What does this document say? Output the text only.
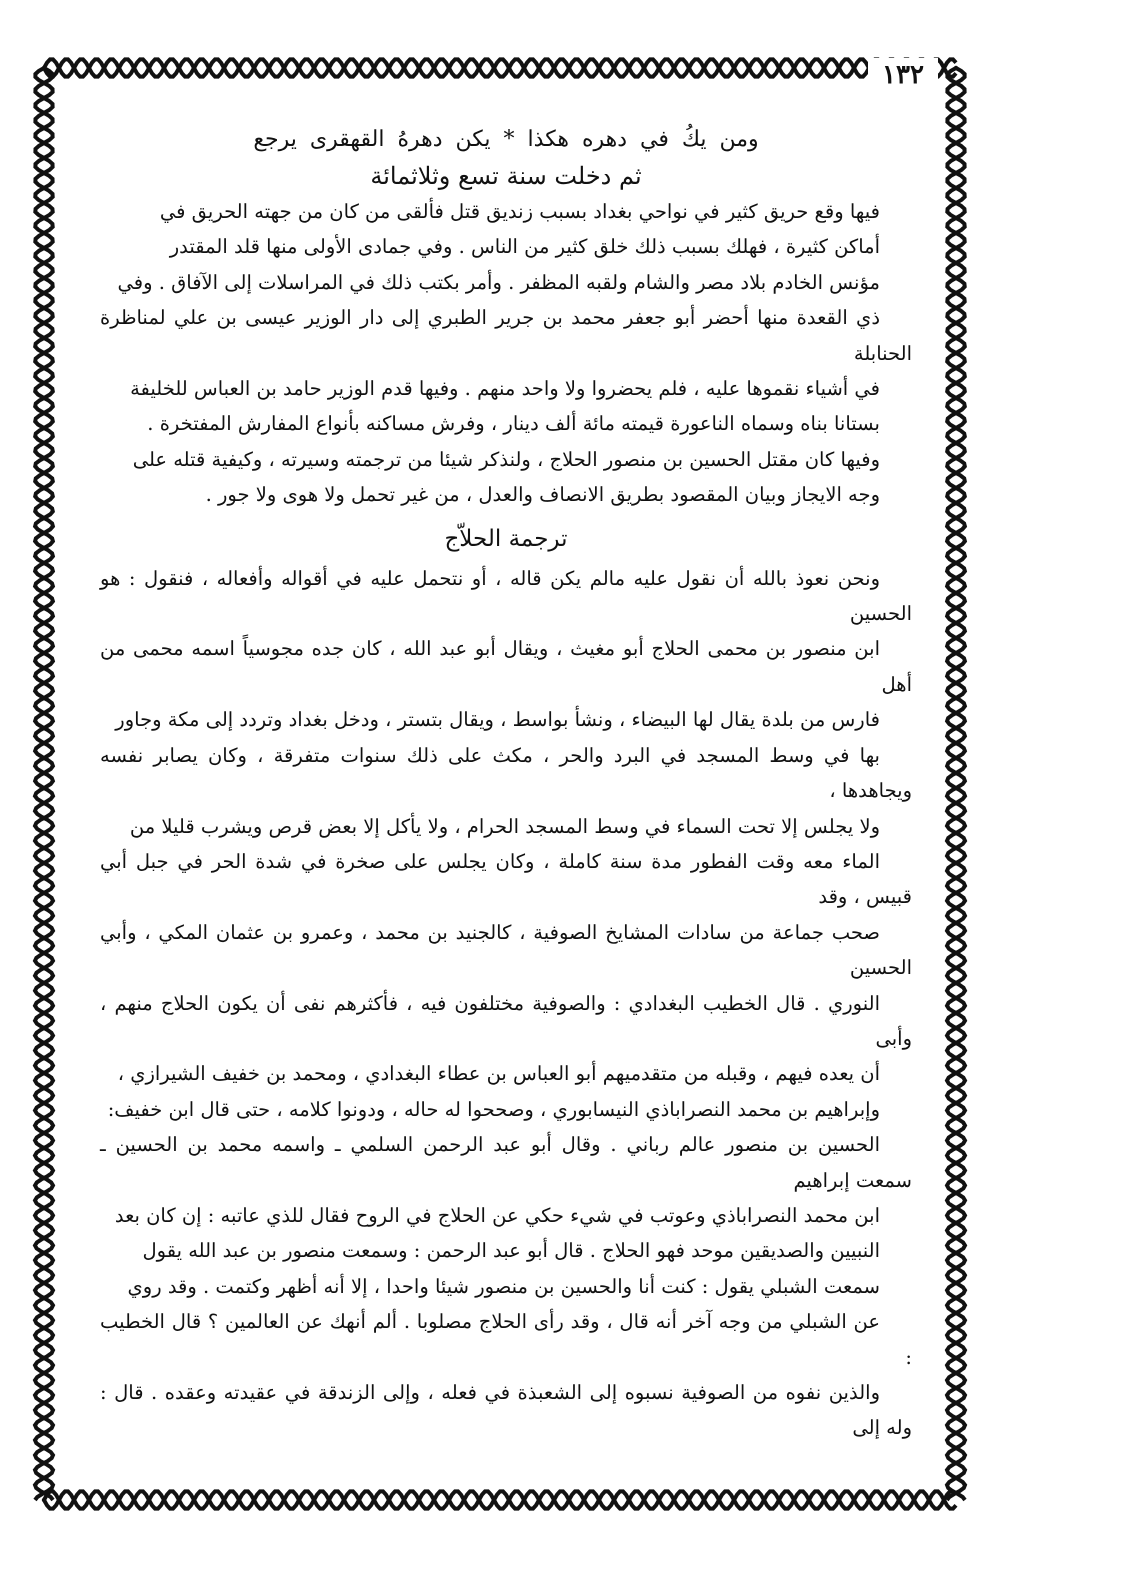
١٣٢

ومن يكُ في دهره هكذا * يكن دهرهُ القهقرى يرجع

ثم دخلت سنة تسع وثلاثمائة

فيها وقع حريق كثير في نواحي بغداد بسبب زنديق قتل فألقى من كان من جهته الحريق في
أماكن كثيرة ، فهلك بسبب ذلك خلق كثير من الناس . وفي جمادى الأولى منها قلد المقتدر
مؤنس الخادم بلاد مصر والشام ولقبه المظفر . وأمر بكتب ذلك في المراسلات إلى الآفاق . وفي
ذي القعدة منها أحضر أبو جعفر محمد بن جرير الطبري إلى دار الوزير عيسى بن علي لمناظرة الحنابلة
في أشياء نقموها عليه ، فلم يحضروا ولا واحد منهم . وفيها قدم الوزير حامد بن العباس للخليفة
بستانا بناه وسماه الناعورة قيمته مائة ألف دينار ، وفرش مساكنه بأنواع المفارش المفتخرة .

وفيها كان مقتل الحسين بن منصور الحلاج ، ولنذكر شيئا من ترجمته وسيرته ، وكيفية قتله على
وجه الايجاز وبيان المقصود بطريق الانصاف والعدل ، من غير تحمل ولا هوى ولا جور .

ترجمة الحلاّج

ونحن نعوذ بالله أن نقول عليه مالم يكن قاله ، أو نتحمل عليه في أقواله وأفعاله ، فنقول : هو الحسين
ابن منصور بن محمى الحلاج أبو مغيث ، ويقال أبو عبد الله ، كان جده مجوسياً اسمه محمى من أهل
فارس من بلدة يقال لها البيضاء ، ونشأ بواسط ، ويقال بتستر ، ودخل بغداد وتردد إلى مكة وجاور
بها في وسط المسجد في البرد والحر ، مكث على ذلك سنوات متفرقة ، وكان يصابر نفسه ويجاهدها ،
ولا يجلس إلا تحت السماء في وسط المسجد الحرام ، ولا يأكل إلا بعض قرص ويشرب قليلا من
الماء معه وقت الفطور مدة سنة كاملة ، وكان يجلس على صخرة في شدة الحر في جبل أبي قبيس ، وقد
صحب جماعة من سادات المشايخ الصوفية ، كالجنيد بن محمد ، وعمرو بن عثمان المكي ، وأبي الحسين
النوري . قال الخطيب البغدادي : والصوفية مختلفون فيه ، فأكثرهم نفى أن يكون الحلاج منهم ، وأبى
أن يعده فيهم ، وقبله من متقدميهم أبو العباس بن عطاء البغدادي ، ومحمد بن خفيف الشيرازي ،
وإبراهيم بن محمد النصراباذي النيسابوري ، وصححوا له حاله ، ودونوا كلامه ، حتى قال ابن خفيف:
الحسين بن منصور عالم رباني . وقال أبو عبد الرحمن السلمي ـ واسمه محمد بن الحسين ـ سمعت إبراهيم
ابن محمد النصراباذي وعوتب في شيء حكي عن الحلاج في الروح فقال للذي عاتبه : إن كان بعد
النبيين والصديقين موحد فهو الحلاج . قال أبو عبد الرحمن : وسمعت منصور بن عبد الله يقول
سمعت الشبلي يقول : كنت أنا والحسين بن منصور شيئا واحدا ، إلا أنه أظهر وكتمت . وقد روي
عن الشبلي من وجه آخر أنه قال ، وقد رأى الحلاج مصلوبا . ألم أنهك عن العالمين ؟ قال الخطيب :
والذين نفوه من الصوفية نسبوه إلى الشعبذة في فعله ، وإلى الزندقة في عقيدته وعقده . قال : وله إلى
